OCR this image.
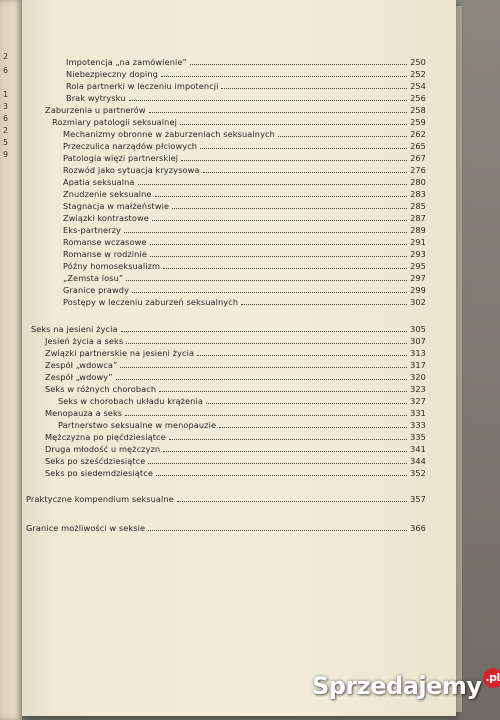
2
6
1
3
6
2
5
9
Impotencja „na zamówienie”	250
Niebezpieczny doping	252
Rola partnerki w leczeniu impotencji	254
Brak wytrysku	256
Zaburzenia u partnerów	258
Rozmiary patologii seksualnej	259
Mechanizmy obronne w zaburzeniach seksualnych	262
Przeczulica narządów płciowych	265
Patologia więzi partnerskiej	267
Rozwód jako sytuacja kryzysowa	276
Apatia seksualna	280
Znudzenie seksualne	283
Stagnacja w małżeństwie	285
Związki kontrastowe	287
Eks-partnerzy	289
Romanse wczasowe	291
Romanse w rodzinie	293
Późny homoseksualizm	295
„Zemsta losu”	297
Granice prawdy	299
Postępy w leczeniu zaburzeń seksualnych	302
Seks na jesieni życia	305
Jesień życia a seks	307
Związki partnerskie na jesieni życia	313
Zespół „wdowca”	317
Zespół „wdowy”	320
Seks w różnych chorobach	323
Seks w chorobach układu krążenia	327
Menopauza a seks	331
Partnerstwo seksualne w menopauzie	333
Mężczyzna po pięćdziesiątce	335
Druga młodość u mężczyzn	341
Seks po sześćdziesiątce	344
Seks po siedemdziesiątce	352
Praktyczne kompendium seksualne	357
Granice możliwości w seksie	366
Sprzedajemy .pl
